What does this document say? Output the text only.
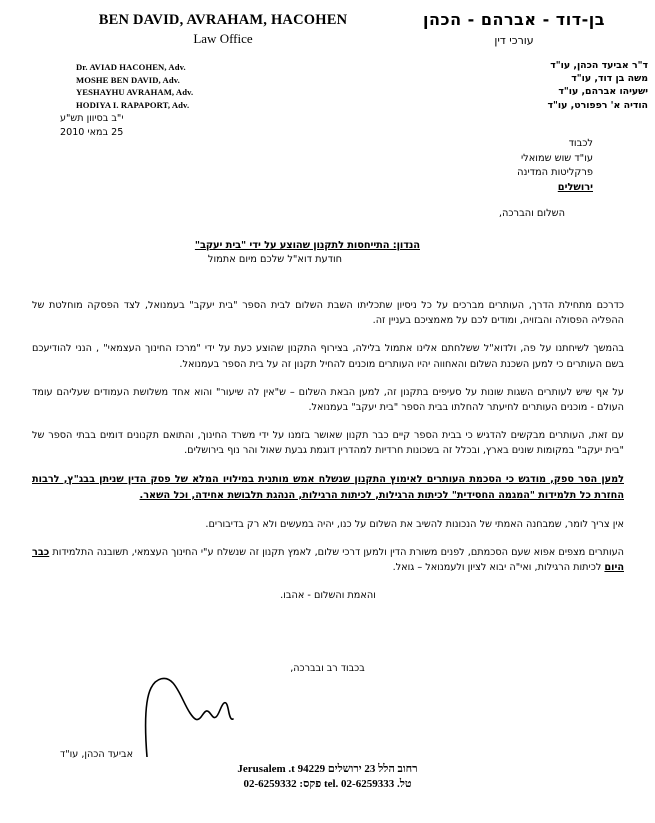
BEN DAVID, AVRAHAM, HACOHEN
Law Office
בן-דוד - אברהם - הכהן
עורכי דין
Dr. AVIAD HACOHEN, Adv.
MOSHE BEN DAVID, Adv.
YESHAYHU AVRAHAM, Adv.
HODIYA I. RAPAPORT, Adv.
ד"ר אביעד הכהן, עו"ד
משה בן דוד, עו"ד
ישעיהו אברהם, עו"ד
הודיה א' רפפורט, עו"ד
י"ב בסיוון תש"ע
25 במאי 2010
לכבוד
עו"ד שוש שמואלי
פרקליטות המדינה
ירושלים
השלום והברכה,
הנדון: התייחסות לתקנון שהוצע על ידי "בית יעקב"
חודעת דוא"ל שלכם מיום אתמול

כדרכם מתחילת הדרך, העותרים מברכים על כל ניסיון שתכליתו השבת השלום לבית הספר "בית יעקב" בעמנואל, לצד הפסקה מוחלטת של ההפליה הפסולה והבזויה, ומודים לכם על מאמציכם בעניין זה.

בהמשך לשיחתנו על פה, ולדוא"ל ששלחתם אלינו אתמול בלילה, בצירוף התקנון שהוצע כעת על ידי "מרכז החינוך העצמאי" , הנני להודיעכם בשם העותרים כי למען השכנת השלום והאחווה יהיו העותרים מוכנים להחיל תקנון זה על בית הספר בעמנואל.

על אף שיש לעותרים השגות שונות על סעיפים בתקנון זה, למען הבאת השלום – ש"אין לה שיעור" והוא אחד משלושת העמודים שעליהם עומד העולם - מוכנים העותרים לחיעתר להחלתו בבית הספר "בית יעקב" בעמנואל.

עם זאת, העותרים מבקשים להדגיש כי בבית הספר קיים כבר תקנון שאושר בזמנו על ידי משרד החינוך, והתואם תקנונים דומים בבתי הספר של "בית יעקב" במקומות שונים בארץ, ובכלל זה בשכונות חרדיות למהדרין דוגמת גבעת שאול והר נוף בירושלים.

למען הסר ספק, מודגש כי הסכמת העותרים לאימוץ התקנון שנשלח אמש מותנית במילויו המלא של פסק הדין שניתן בבג"ץ, לרבות החזרת כל תלמידות "המגמה החסידית" לכיתות הרגילות, לכיתות הרגילות, הנהגת תלבושת אחידה, וכל השאר.

אין צריך לומר, שמבחנה האמתי של הנכונות להשיב את השלום על כנו, יהיה במעשים ולא רק בדיבורים.

העותרים מצפים אפוא שעם הסכמתם, לפנים משורת הדין ולמען דרכי שלום, לאמץ תקנון זה שנשלח ע"י החינוך העצמאי, תשובנה התלמידות כבר היום לכיתות הרגילות, ואי"ה יבוא לציון ולעמנואל – גואל.

והאמת והשלום - אהבו.

בכבוד רב ובברכה,
אביעד הכהן, עו"ד
רחוב הלל 23 ירושלים 94229 Jerusalem .t
טל. tel. 02-6259333 פקס: 02-6259332
